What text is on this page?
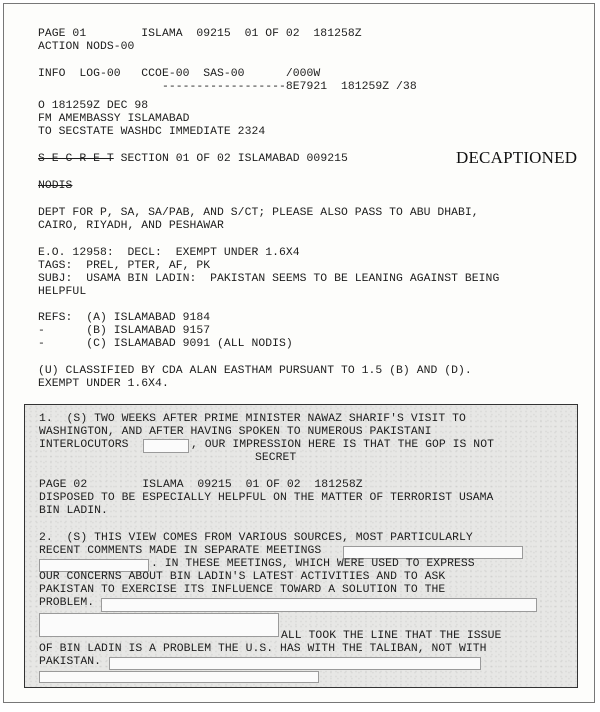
PAGE 01        ISLAMA  09215  01 OF 02  181258Z
ACTION NODS-00
INFO  LOG-00   CCOE-00  SAS-00      /000W
------------------8E7921  181259Z /38
O 181259Z DEC 98
FM AMEMBASSY ISLAMABAD
TO SECSTATE WASHDC IMMEDIATE 2324
S E C R E T SECTION 01 OF 02 ISLAMABAD 009215	DECAPTIONED
NODIS
DEPT FOR P, SA, SA/PAB, AND S/CT; PLEASE ALSO PASS TO ABU DHABI,
CAIRO, RIYADH, AND PESHAWAR
E.O. 12958:  DECL:  EXEMPT UNDER 1.6X4
TAGS:  PREL, PTER, AF, PK
SUBJ:  USAMA BIN LADIN:  PAKISTAN SEEMS TO BE LEANING AGAINST BEING
HELPFUL
REFS:  (A) ISLAMABAD 9184
-      (B) ISLAMABAD 9157
-      (C) ISLAMABAD 9091 (ALL NODIS)
(U) CLASSIFIED BY CDA ALAN EASTHAM PURSUANT TO 1.5 (B) AND (D).
EXEMPT UNDER 1.6X4.
1.  (S) TWO WEEKS AFTER PRIME MINISTER NAWAZ SHARIF'S VISIT TO
WASHINGTON, AND AFTER HAVING SPOKEN TO NUMEROUS PAKISTANI
INTERLOCUTORS	, OUR IMPRESSION HERE IS THAT THE GOP IS NOT
SECRET
PAGE 02        ISLAMA  09215  01 OF 02  181258Z
DISPOSED TO BE ESPECIALLY HELPFUL ON THE MATTER OF TERRORIST USAMA
BIN LADIN.
2.  (S) THIS VIEW COMES FROM VARIOUS SOURCES, MOST PARTICULARLY
RECENT COMMENTS MADE IN SEPARATE MEETINGS
. IN THESE MEETINGS, WHICH WERE USED TO EXPRESS
OUR CONCERNS ABOUT BIN LADIN'S LATEST ACTIVITIES AND TO ASK
PAKISTAN TO EXERCISE ITS INFLUENCE TOWARD A SOLUTION TO THE
PROBLEM.
ALL TOOK THE LINE THAT THE ISSUE
OF BIN LADIN IS A PROBLEM THE U.S. HAS WITH THE TALIBAN, NOT WITH
PAKISTAN.
